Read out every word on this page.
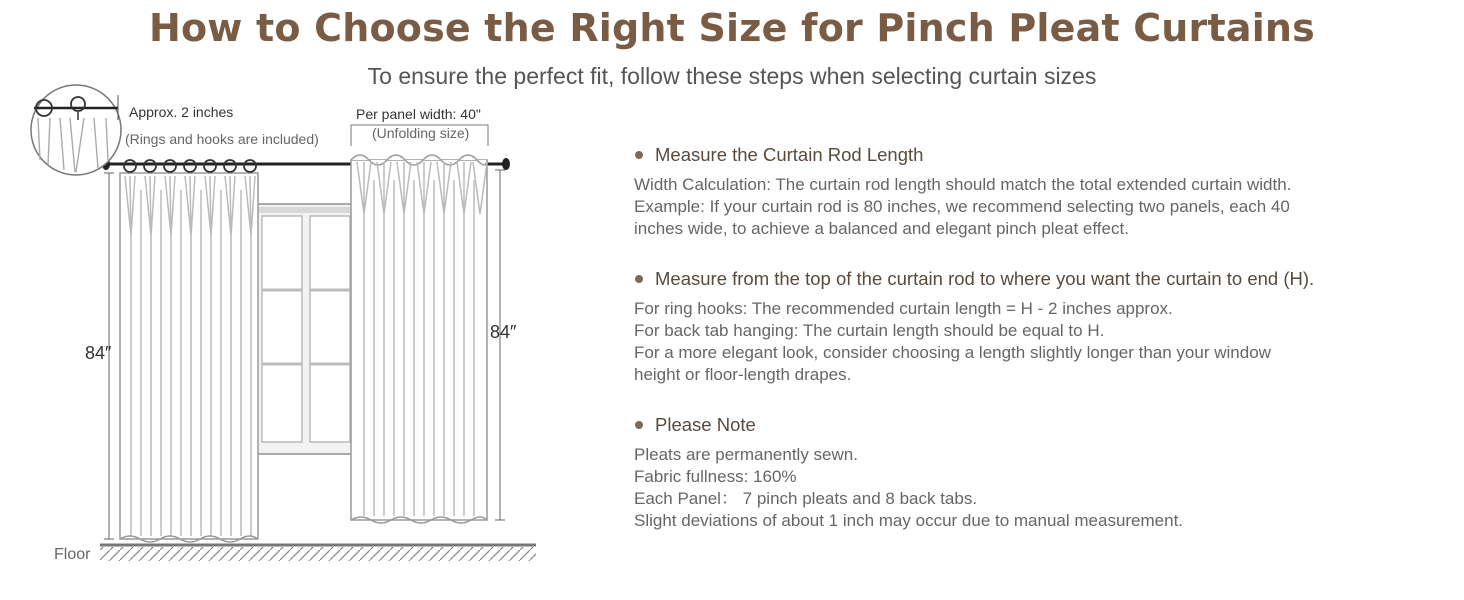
How to Choose the Right Size for Pinch Pleat Curtains
To ensure the perfect fit, follow these steps when selecting curtain sizes
Approx. 2 inches
(Rings and hooks are included)
Per panel width: 40"
(Unfolding size)
84″
84″
Floor
Measure the Curtain Rod Length
Width Calculation: The curtain rod length should match the total extended curtain width.
Example: If your curtain rod is 80 inches, we recommend selecting two panels, each 40
inches wide, to achieve a balanced and elegant pinch pleat effect.
Measure from the top of the curtain rod to where you want the curtain to end (H).
For ring hooks: The recommended curtain length = H - 2 inches approx.
For back tab hanging: The curtain length should be equal to H.
For a more elegant look, consider choosing a length slightly longer than your window
height or floor-length drapes.
Please Note
Pleats are permanently sewn.
Fabric fullness: 160%
Each Panel： 7 pinch pleats and 8 back tabs.
Slight deviations of about 1 inch may occur due to manual measurement.
